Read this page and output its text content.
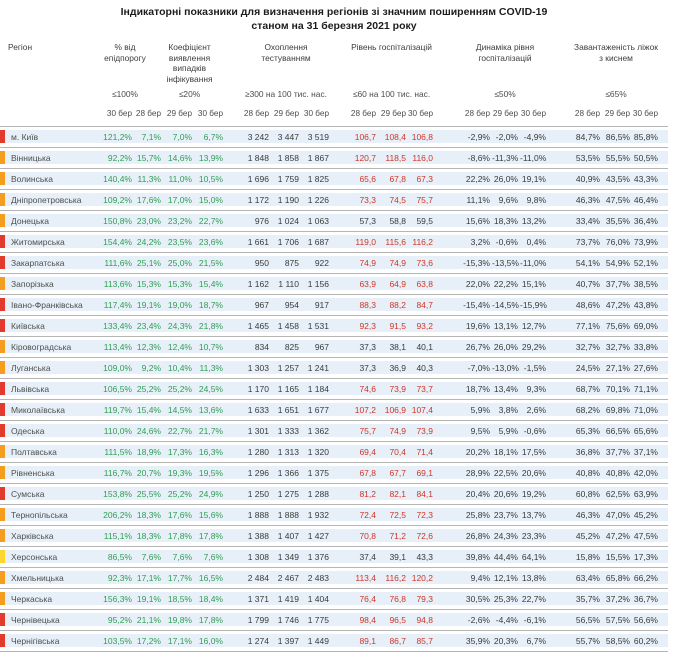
Індикаторні показники для визначення регіонів зі значним поширенням COVID-19
станом на 31 березня 2021 року
Регіон	% від епідпорогу
Коефіцієнт виявлення випадків інфікування
Охоплення тестуванням
Рівень госпіталізацій	Динаміка рівня госпіталізацій
Завантаженість ліжок з киснем
≤100%	≤20%	≥300 на 100 тис. нас.	≤60 на 100 тис. нас.	≤50%	≤65%
30 бер 28 бер 29 бер 30 бер	28 бер 29 бер 30 бер	28 бер 29 бер 30 бер	28 бер 29 бер 30 бер	28 бер 29 бер 30 бер
м. Київ	121,2%	7,1%	7,0%	6,7%	3 242	3 447	3 519	106,7	108,4 106,8	-2,9% -2,0% -4,9%	84,7% 86,5% 85,8%
Вінницька	92,2% 15,7% 14,6% 13,9%	1 848	1 858	1 867	120,7	118,5 116,0	-8,6% -11,3% -11,0%	53,5% 55,5% 50,5%
Волинська	140,4% 11,3% 11,0% 10,5%	1 696	1 759	1 825	65,6	67,8	67,3	22,2% 26,0% 19,1%	40,9% 43,5% 43,3%
Дніпропетровська	109,2% 17,6% 17,0% 15,0%	1 172	1 190	1 226	73,3	74,5	75,7	11,1%	9,6%	9,8%	46,3% 47,5% 46,4%
Донецька	150,8% 23,0% 23,2% 22,7%	976	1 024	1 063	57,3	58,8	59,5	15,6% 18,3% 13,2%	33,4% 35,5% 36,4%
Житомирська	154,4% 24,2% 23,5% 23,6%	1 661	1 706	1 687	119,0	115,6 116,2	3,2% -0,6%	0,4%	73,7% 76,0% 73,9%
Закарпатська	111,6% 25,1% 25,0% 21,5%	950	875	922	74,9	74,9	73,6	-15,3% -13,5% -11,0%	54,1% 54,9% 52,1%
Запорізька	113,6% 15,3% 15,3% 15,4%	1 162	1 110	1 156	63,9	64,9	63,8	22,0% 22,2% 15,1%	40,7% 37,7% 38,5%
Івано-Франківська	117,4% 19,1% 19,0% 18,7%	967	954	917	88,3	88,2	84,7	-15,4% -14,5% -15,9%	48,6% 47,2% 43,8%
Київська	133,4% 23,4% 24,3% 21,8%	1 465	1 458	1 531	92,3	91,5	93,2	19,6% 13,1% 12,7%	77,1% 75,6% 69,0%
Кіровоградська	113,4% 12,3% 12,4% 10,7%	834	825	967	37,3	38,1	40,1	26,7% 26,0% 29,2%	32,7% 32,7% 33,8%
Луганська	109,0%	9,2% 10,4% 11,3%	1 303	1 257	1 241	37,3	36,9	40,3	-7,0% -13,0% -1,5%	24,5% 27,1% 27,6%
Львівська	106,5% 25,2% 25,2% 24,5%	1 170	1 165	1 184	74,6	73,9	73,7	18,7% 13,4%	9,3%	68,7% 70,1% 71,1%
Миколаївська	119,7% 15,4% 14,5% 13,6%	1 633	1 651	1 677	107,2	106,9 107,4	5,9%	3,8%	2,6%	68,2% 69,8% 71,0%
Одеська	110,0% 24,6% 22,7% 21,7%	1 301	1 333	1 362	75,7	74,9	73,9	9,5%	5,9% -0,6%	65,3% 66,5% 65,6%
Полтавська	111,5% 18,9% 17,3% 16,3%	1 280	1 313	1 320	69,4	70,4	71,4	20,2% 18,1% 17,5%	36,8% 37,7% 37,1%
Рівненська	116,7% 20,7% 19,3% 19,5%	1 296	1 366	1 375	67,8	67,7	69,1	28,9% 22,5% 20,6%	40,8% 40,8% 42,0%
Сумська	153,8% 25,5% 25,2% 24,9%	1 250	1 275	1 288	81,2	82,1	84,1	20,4% 20,6% 19,2%	60,8% 62,5% 63,9%
Тернопільська	206,2% 18,3% 17,6% 15,6%	1 888	1 888	1 932	72,4	72,5	72,3	25,8% 23,7% 13,7%	46,3% 47,0% 45,2%
Харківська	115,1% 18,3% 17,8% 17,8%	1 388	1 407	1 427	70,8	71,2	72,6	26,8% 24,3% 23,3%	45,2% 47,2% 47,5%
Херсонська	86,5%	7,6%	7,6%	7,6%	1 308	1 349	1 376	37,4	39,1	43,3	39,8% 44,4% 64,1%	15,8% 15,5% 17,3%
Хмельницька	92,3% 17,1% 17,7% 16,5%	2 484	2 467	2 483	113,4	116,2 120,2	9,4% 12,1% 13,8%	63,4% 65,8% 66,2%
Черкаська	156,3% 19,1% 18,5% 18,4%	1 371	1 419	1 404	76,4	76,8	79,3	30,5% 25,3% 22,7%	35,7% 37,2% 36,7%
Чернівецька	95,2% 21,1% 19,8% 17,8%	1 799	1 746	1 775	98,4	96,5	94,8	-2,6% -4,4% -6,1%	56,5% 57,5% 56,6%
Чернігівська	103,5% 17,2% 17,1% 16,0%	1 274	1 397	1 449	89,1	86,7	85,7	35,9% 20,3%	6,7%	55,7% 58,5% 60,2%
